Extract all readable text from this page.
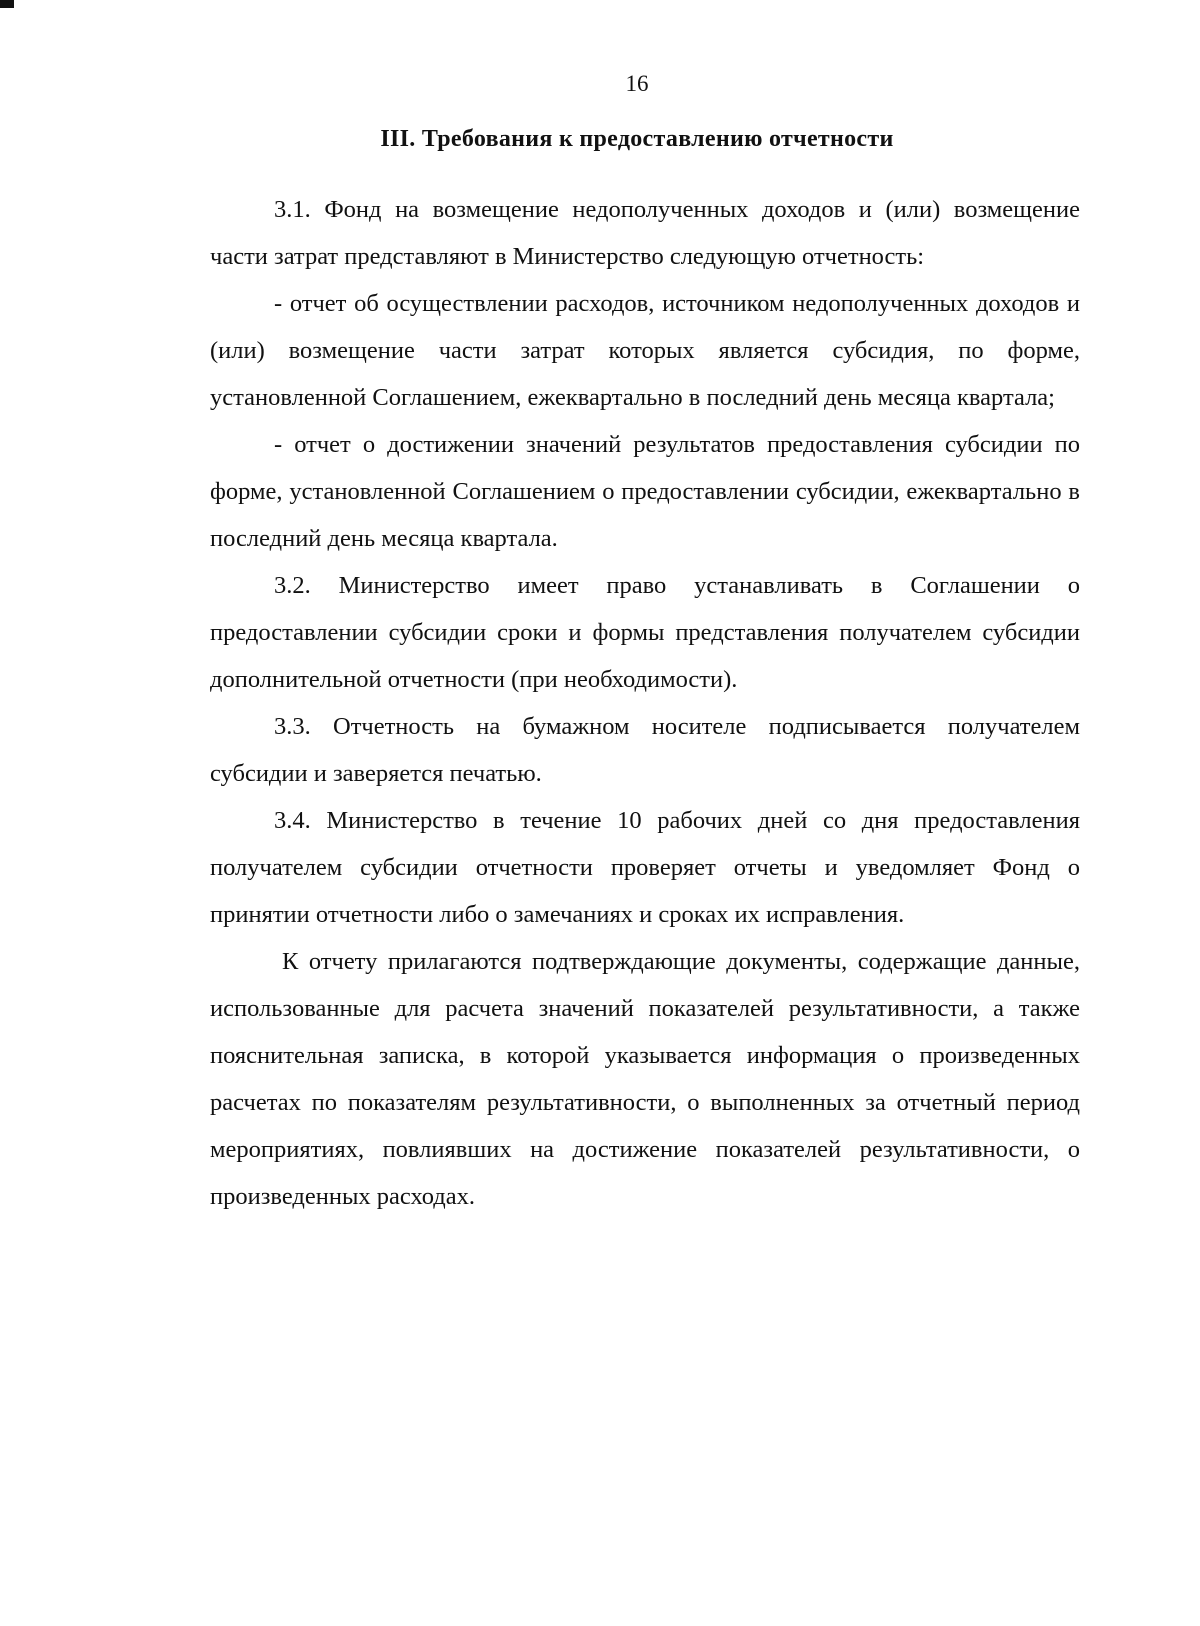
16
III. Требования к предоставлению отчетности

3.1. Фонд на возмещение недополученных доходов и (или) возмещение части затрат представляют в Министерство следующую отчетность:

- отчет об осуществлении расходов, источником недополученных доходов и (или) возмещение части затрат которых является субсидия, по форме, установленной Соглашением, ежеквартально в последний день месяца квартала;

- отчет о достижении значений результатов предоставления субсидии по форме, установленной Соглашением о предоставлении субсидии, ежеквартально в последний день месяца квартала.

3.2. Министерство имеет право устанавливать в Соглашении о предоставлении субсидии сроки и формы представления получателем субсидии дополнительной отчетности (при необходимости).

3.3. Отчетность на бумажном носителе подписывается получателем субсидии и заверяется печатью.

3.4. Министерство в течение 10 рабочих дней со дня предоставления получателем субсидии отчетности проверяет отчеты и уведомляет Фонд о принятии отчетности либо о замечаниях и сроках их исправления.

К отчету прилагаются подтверждающие документы, содержащие данные, использованные для расчета значений показателей результативности, а также пояснительная записка, в которой указывается информация о произведенных расчетах по показателям результативности, о выполненных за отчетный период мероприятиях, повлиявших на достижение показателей результативности, о произведенных расходах.
